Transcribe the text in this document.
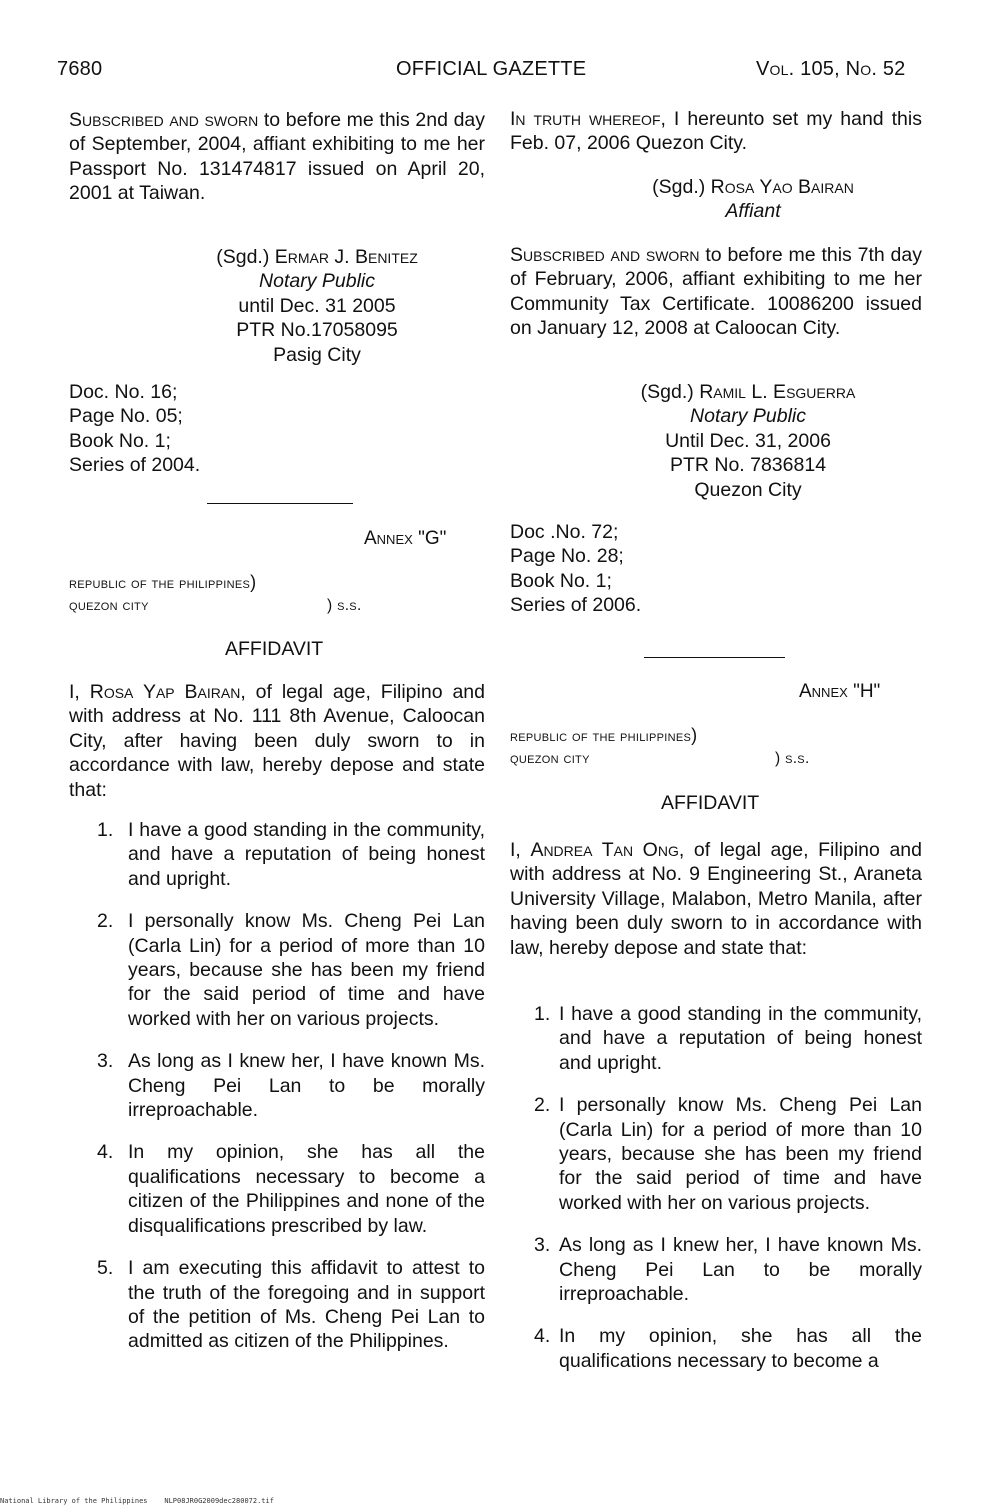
7680	OFFICIAL GAZETTE	Vol. 105, No. 52
Subscribed and sworn to before me this 2nd day of September, 2004, affiant exhibiting to me her Passport No. 131474817 issued on April 20, 2001 at Taiwan.
(Sgd.) Ermar J. Benitez
Notary Public
until Dec. 31 2005
PTR No.17058095
Pasig City
Doc. No. 16;
Page No. 05;
Book No. 1;
Series of 2004.
Annex "G"
republic of the philippines)
quezon city	) s.s.
AFFIDAVIT
I, Rosa Yap Bairan, of legal age, Filipino and with address at No. 111 8th Avenue, Caloocan City, after having been duly sworn to in accordance with law, hereby depose and state that:
1. I have a good standing in the community, and have a reputation of being honest and upright.
2. I personally know Ms. Cheng Pei Lan (Carla Lin) for a period of more than 10 years, because she has been my friend for the said period of time and have worked with her on various projects.
3. As long as I knew her, I have known Ms. Cheng Pei Lan to be morally irreproachable.
4. In my opinion, she has all the qualifications necessary to become a citizen of the Philippines and none of the disqualifications prescribed by law.
5. I am executing this affidavit to attest to the truth of the foregoing and in support of the petition of Ms. Cheng Pei Lan to admitted as citizen of the Philippines.
In truth whereof, I hereunto set my hand this Feb. 07, 2006 Quezon City.
(Sgd.) Rosa Yao Bairan
Affiant
Subscribed and sworn to before me this 7th day of February, 2006, affiant exhibiting to me her Community Tax Certificate. 10086200 issued on January 12, 2008 at Caloocan City.
(Sgd.) Ramil L. Esguerra
Notary Public
Until Dec. 31, 2006
PTR No. 7836814
Quezon City
Doc .No. 72;
Page No. 28;
Book No. 1;
Series of 2006.
Annex "H"
republic of the philippines)
quezon city	) s.s.
AFFIDAVIT
I, Andrea Tan Ong, of legal age, Filipino and with address at No. 9 Engineering St., Araneta University Village, Malabon, Metro Manila, after having been duly sworn to in accordance with law, hereby depose and state that:
1. I have a good standing in the community, and have a reputation of being honest and upright.
2. I personally know Ms. Cheng Pei Lan (Carla Lin) for a period of more than 10 years, because she has been my friend for the said period of time and have worked with her on various projects.
3. As long as I knew her, I have known Ms. Cheng Pei Lan to be morally irreproachable.
4. In my opinion, she has all the qualifications necessary to become a
National Library of the Philippines NLP08JR0G2009dec280072.tif
